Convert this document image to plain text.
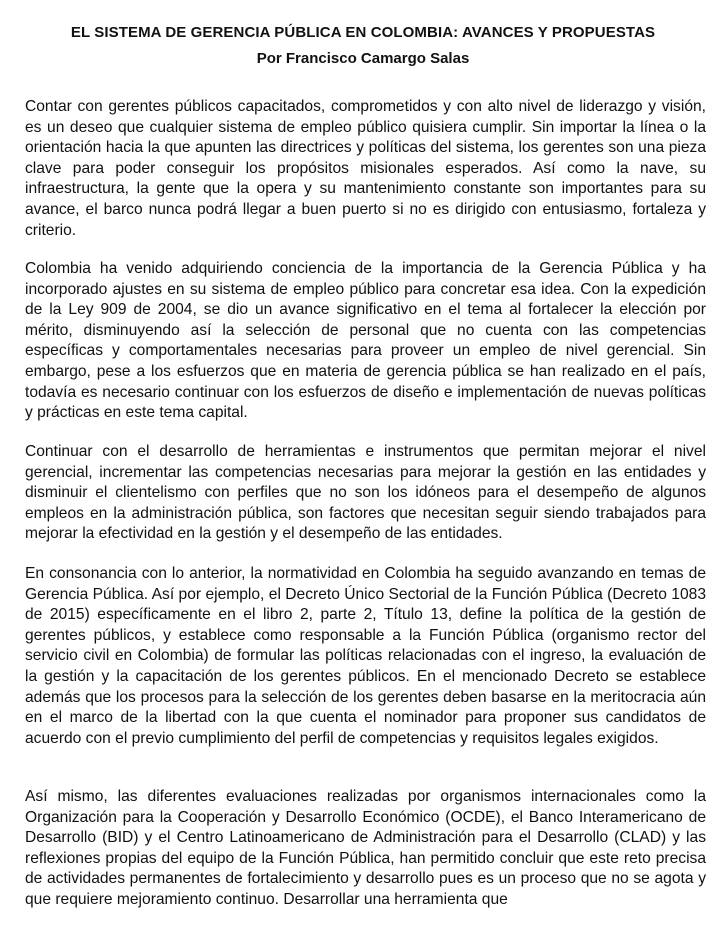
EL SISTEMA DE GERENCIA PÚBLICA EN COLOMBIA: AVANCES Y PROPUESTAS
Por Francisco Camargo Salas

Contar con gerentes públicos capacitados, comprometidos y con alto nivel de liderazgo y visión, es un deseo que cualquier sistema de empleo público quisiera cumplir. Sin importar la línea o la orientación hacia la que apunten las directrices y políticas del sistema, los gerentes son una pieza clave para poder conseguir los propósitos misionales esperados. Así como la nave, su infraestructura, la gente que la opera y su mantenimiento constante son importantes para su avance, el barco nunca podrá llegar a buen puerto si no es dirigido con entusiasmo, fortaleza y criterio.

Colombia ha venido adquiriendo conciencia de la importancia de la Gerencia Pública y ha incorporado ajustes en su sistema de empleo público para concretar esa idea. Con la expedición de la Ley 909 de 2004, se dio un avance significativo en el tema al fortalecer la elección por mérito, disminuyendo así la selección de personal que no cuenta con las competencias específicas y comportamentales necesarias para proveer un empleo de nivel gerencial. Sin embargo, pese a los esfuerzos que en materia de gerencia pública se han realizado en el país, todavía es necesario continuar con los esfuerzos de diseño e implementación de nuevas políticas y prácticas en este tema capital.

Continuar con el desarrollo de herramientas e instrumentos que permitan mejorar el nivel gerencial, incrementar las competencias necesarias para mejorar la gestión en las entidades y disminuir el clientelismo con perfiles que no son los idóneos para el desempeño de algunos empleos en la administración pública, son factores que necesitan seguir siendo trabajados para mejorar la efectividad en la gestión y el desempeño de las entidades.

En consonancia con lo anterior, la normatividad en Colombia ha seguido avanzando en temas de Gerencia Pública. Así por ejemplo, el Decreto Único Sectorial de la Función Pública (Decreto 1083 de 2015) específicamente en el libro 2, parte 2, Título 13, define la política de la gestión de gerentes públicos, y establece como responsable a la Función Pública (organismo rector del servicio civil en Colombia) de formular las políticas relacionadas con el ingreso, la evaluación de la gestión y la capacitación de los gerentes públicos. En el mencionado Decreto se establece además que los procesos para la selección de los gerentes deben basarse en la meritocracia aún en el marco de la libertad con la que cuenta el nominador para proponer sus candidatos de acuerdo con el previo cumplimiento del perfil de competencias y requisitos legales exigidos.

Así mismo, las diferentes evaluaciones realizadas por organismos internacionales como la Organización para la Cooperación y Desarrollo Económico (OCDE), el Banco Interamericano de Desarrollo (BID) y el Centro Latinoamericano de Administración para el Desarrollo (CLAD) y las reflexiones propias del equipo de la Función Pública, han permitido concluir que este reto precisa de actividades permanentes de fortalecimiento y desarrollo pues es un proceso que no se agota y que requiere mejoramiento continuo. Desarrollar una herramienta que
